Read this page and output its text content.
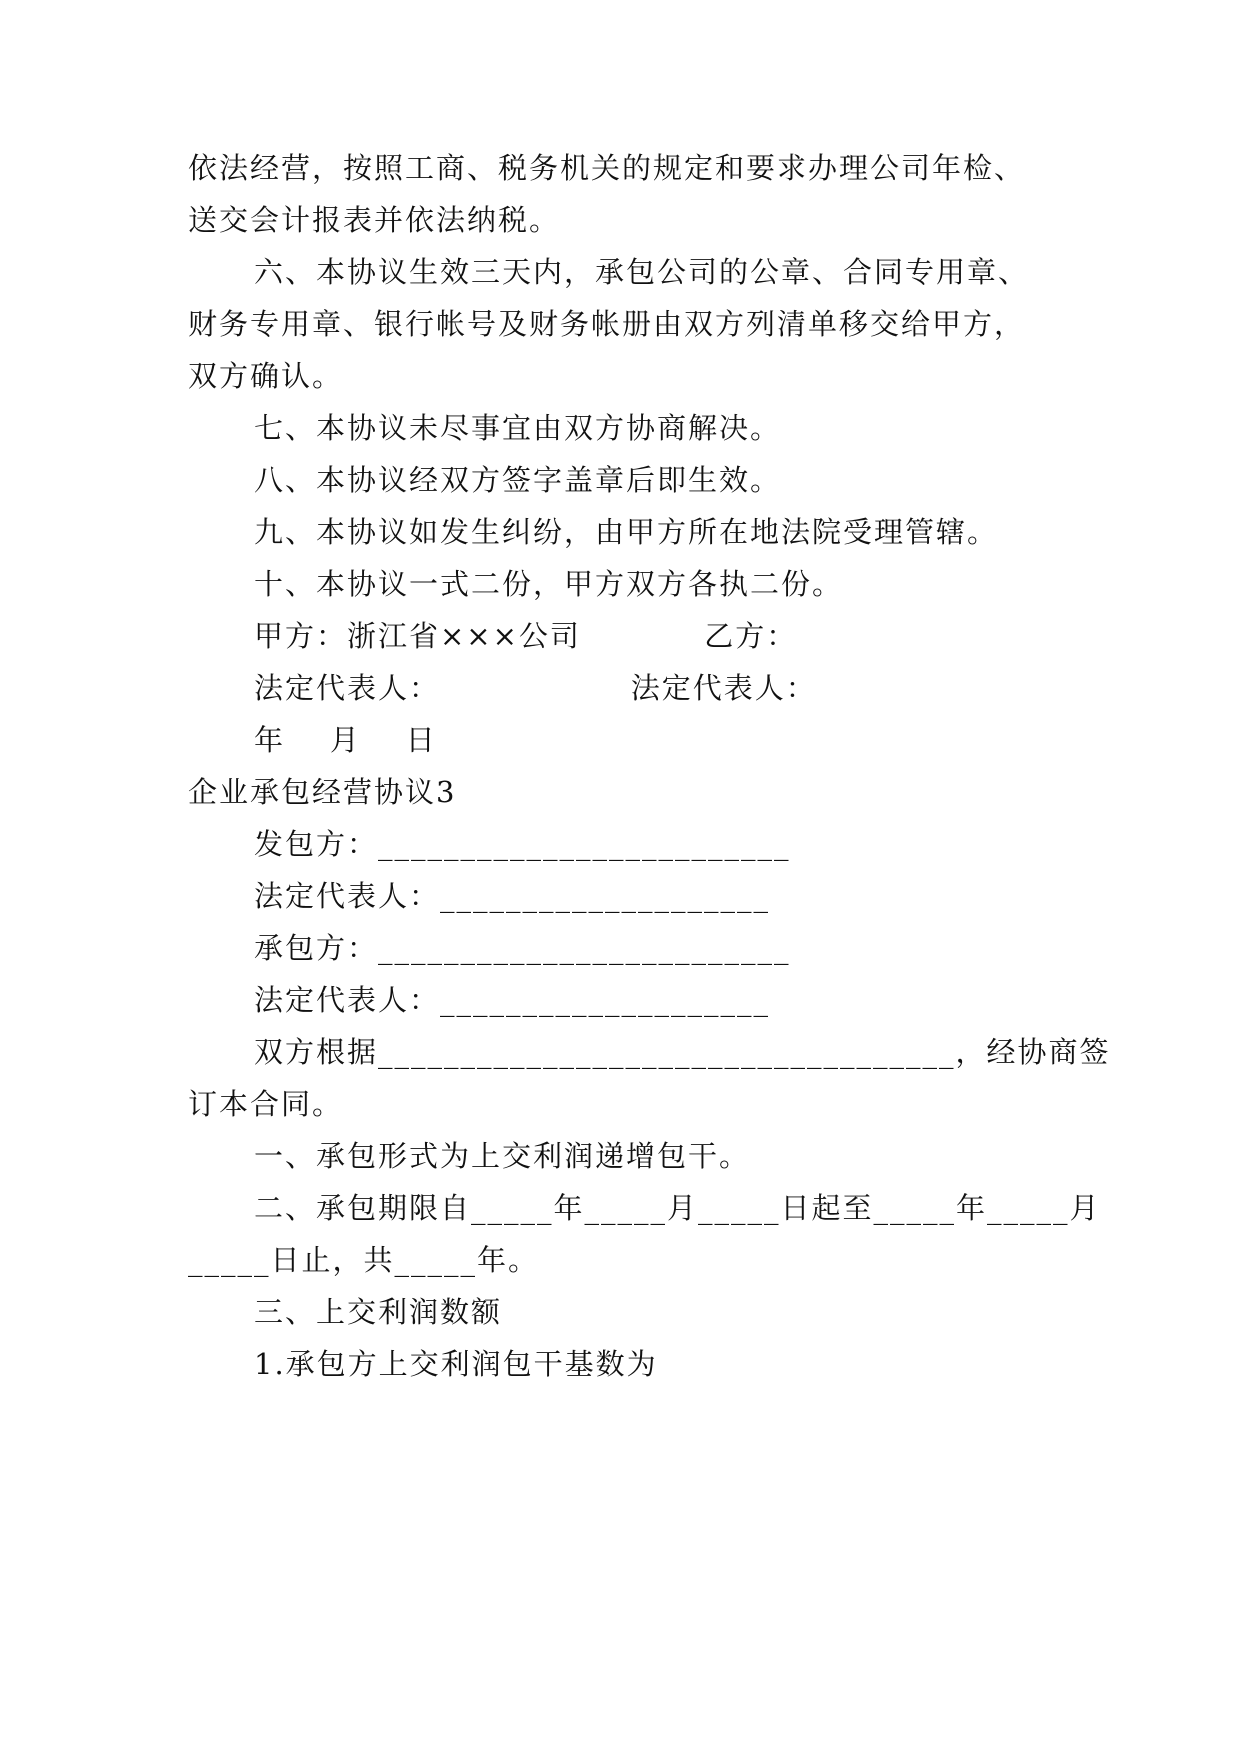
依法经营，按照工商、税务机关的规定和要求办理公司年检、
送交会计报表并依法纳税。
六、本协议生效三天内，承包公司的公章、合同专用章、
财务专用章、银行帐号及财务帐册由双方列清单移交给甲方，
双方确认。
七、本协议未尽事宜由双方协商解决。
八、本协议经双方签字盖章后即生效。
九、本协议如发生纠纷，由甲方所在地法院受理管辖。
十、本协议一式二份，甲方双方各执二份。
甲方：浙江省×××公司           乙方：
法定代表人：                 法定代表人：
年    月    日
企业承包经营协议3
发包方：_________________________
法定代表人：____________________
承包方：_________________________
法定代表人：____________________
双方根据___________________________________，经协商签
订本合同。
一、承包形式为上交利润递增包干。
二、承包期限自_____年_____月_____日起至_____年_____月
_____日止，共_____年。
三、上交利润数额
1.承包方上交利润包干基数为
